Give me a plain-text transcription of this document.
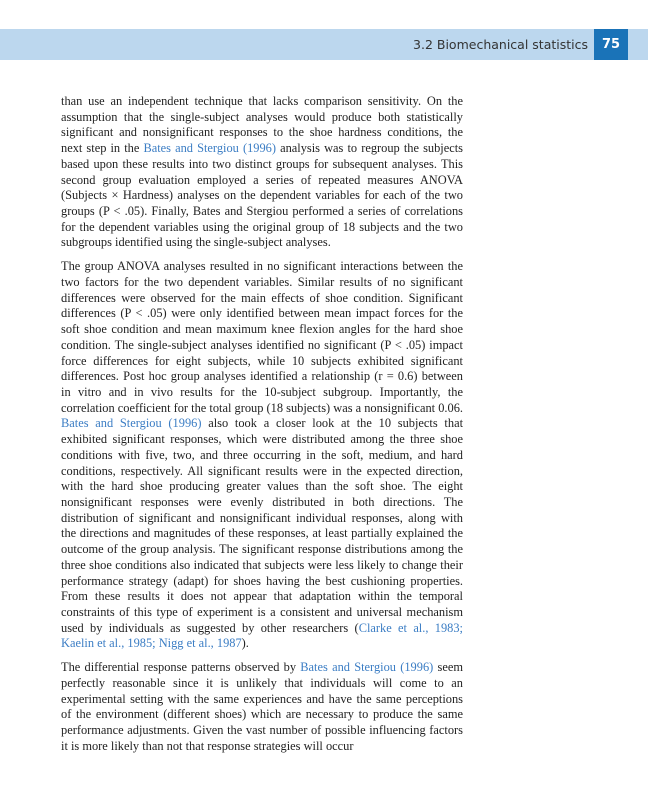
3.2 Biomechanical statistics	75

than use an independent technique that lacks comparison sensitivity. On the assumption that the single-subject analyses would produce both statistically significant and nonsignificant responses to the shoe hardness conditions, the next step in the Bates and Stergiou (1996) analysis was to regroup the subjects based upon these results into two distinct groups for subsequent analyses. This second group evaluation employed a series of repeated measures ANOVA (Subjects × Hardness) analyses on the dependent variables for each of the two groups (P < .05). Finally, Bates and Stergiou performed a series of correlations for the dependent variables using the original group of 18 subjects and the two subgroups identified using the single-subject analyses.

The group ANOVA analyses resulted in no significant interactions between the two factors for the two dependent variables. Similar results of no significant differences were observed for the main effects of shoe condition. Significant differences (P < .05) were only identified between mean impact forces for the soft shoe condition and mean maximum knee flexion angles for the hard shoe condition. The single-subject analyses identified no significant (P < .05) impact force differences for eight subjects, while 10 subjects exhibited significant differences. Post hoc group analyses identified a relationship (r = 0.6) between in vitro and in vivo results for the 10-subject subgroup. Importantly, the correlation coefficient for the total group (18 subjects) was a nonsignificant 0.06. Bates and Stergiou (1996) also took a closer look at the 10 subjects that exhibited significant responses, which were distributed among the three shoe conditions with five, two, and three occurring in the soft, medium, and hard conditions, respectively. All significant results were in the expected direction, with the hard shoe producing greater values than the soft shoe. The eight nonsignificant responses were evenly distributed in both directions. The distribution of significant and nonsignificant individual responses, along with the directions and magnitudes of these responses, at least partially explained the outcome of the group analysis. The significant response distributions among the three shoe conditions also indicated that subjects were less likely to change their performance strategy (adapt) for shoes having the best cushioning properties. From these results it does not appear that adaptation within the temporal constraints of this type of experiment is a consistent and universal mechanism used by individuals as suggested by other researchers (Clarke et al., 1983; Kaelin et al., 1985; Nigg et al., 1987).

The differential response patterns observed by Bates and Stergiou (1996) seem perfectly reasonable since it is unlikely that individuals will come to an experimental setting with the same experiences and have the same perceptions of the environment (different shoes) which are necessary to produce the same performance adjustments. Given the vast number of possible influencing factors it is more likely than not that response strategies will occur
